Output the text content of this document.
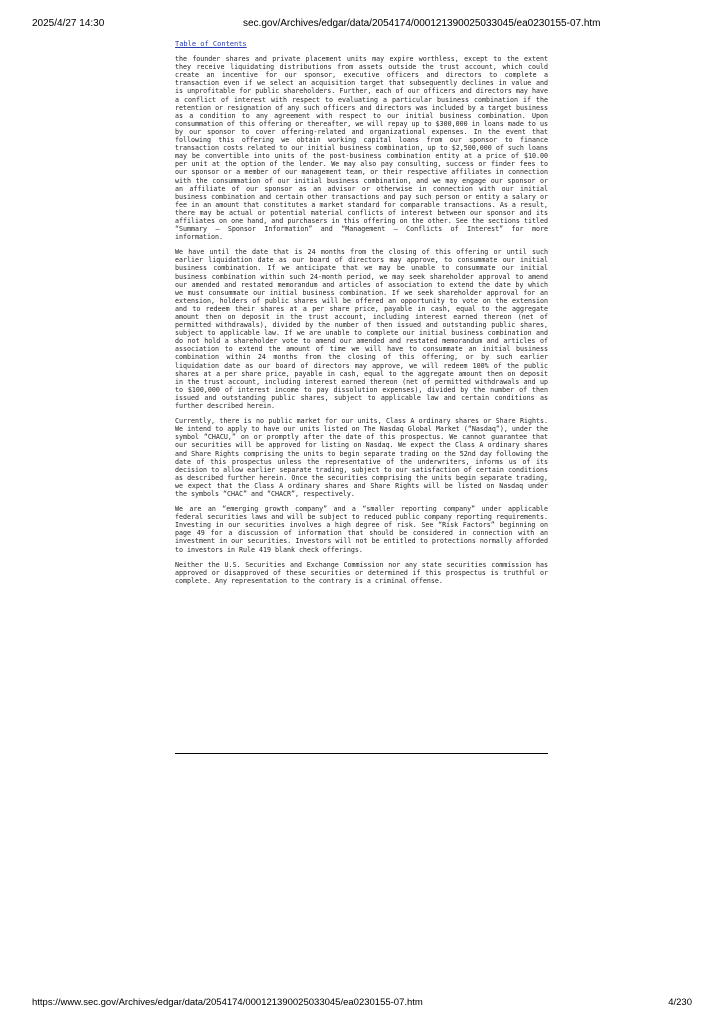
2025/4/27 14:30	sec.gov/Archives/edgar/data/2054174/000121390025033045/ea0230155-07.htm
Table of Contents

the founder shares and private placement units may expire worthless, except to the extent they receive liquidating distributions from assets outside the trust account, which could create an incentive for our sponsor, executive officers and directors to complete a transaction even if we select an acquisition target that subsequently declines in value and is unprofitable for public shareholders. Further, each of our officers and directors may have a conflict of interest with respect to evaluating a particular business combination if the retention or resignation of any such officers and directors was included by a target business as a condition to any agreement with respect to our initial business combination. Upon consummation of this offering or thereafter, we will repay up to $300,000 in loans made to us by our sponsor to cover offering-related and organizational expenses. In the event that following this offering we obtain working capital loans from our sponsor to finance transaction costs related to our initial business combination, up to $2,500,000 of such loans may be convertible into units of the post-business combination entity at a price of $10.00 per unit at the option of the lender. We may also pay consulting, success or finder fees to our sponsor or a member of our management team, or their respective affiliates in connection with the consummation of our initial business combination, and we may engage our sponsor or an affiliate of our sponsor as an advisor or otherwise in connection with our initial business combination and certain other transactions and pay such person or entity a salary or fee in an amount that constitutes a market standard for comparable transactions. As a result, there may be actual or potential material conflicts of interest between our sponsor and its affiliates on one hand, and purchasers in this offering on the other. See the sections titled “Summary — Sponsor Information” and “Management — Conflicts of Interest” for more information.

We have until the date that is 24 months from the closing of this offering or until such earlier liquidation date as our board of directors may approve, to consummate our initial business combination. If we anticipate that we may be unable to consummate our initial business combination within such 24-month period, we may seek shareholder approval to amend our amended and restated memorandum and articles of association to extend the date by which we must consummate our initial business combination. If we seek shareholder approval for an extension, holders of public shares will be offered an opportunity to vote on the extension and to redeem their shares at a per share price, payable in cash, equal to the aggregate amount then on deposit in the trust account, including interest earned thereon (net of permitted withdrawals), divided by the number of then issued and outstanding public shares, subject to applicable law. If we are unable to complete our initial business combination and do not hold a shareholder vote to amend our amended and restated memorandum and articles of association to extend the amount of time we will have to consummate an initial business combination within 24 months from the closing of this offering, or by such earlier liquidation date as our board of directors may approve, we will redeem 100% of the public shares at a per share price, payable in cash, equal to the aggregate amount then on deposit in the trust account, including interest earned thereon (net of permitted withdrawals and up to $100,000 of interest income to pay dissolution expenses), divided by the number of then issued and outstanding public shares, subject to applicable law and certain conditions as further described herein.

Currently, there is no public market for our units, Class A ordinary shares or Share Rights. We intend to apply to have our units listed on The Nasdaq Global Market (“Nasdaq”), under the symbol “CHACU,” on or promptly after the date of this prospectus. We cannot guarantee that our securities will be approved for listing on Nasdaq. We expect the Class A ordinary shares and Share Rights comprising the units to begin separate trading on the 52nd day following the date of this prospectus unless the representative of the underwriters, informs us of its decision to allow earlier separate trading, subject to our satisfaction of certain conditions as described further herein. Once the securities comprising the units begin separate trading, we expect that the Class A ordinary shares and Share Rights will be listed on Nasdaq under the symbols “CHAC” and “CHACR”, respectively.

We are an “emerging growth company” and a “smaller reporting company” under applicable federal securities laws and will be subject to reduced public company reporting requirements. Investing in our securities involves a high degree of risk. See “Risk Factors” beginning on page 49 for a discussion of information that should be considered in connection with an investment in our securities. Investors will not be entitled to protections normally afforded to investors in Rule 419 blank check offerings.

Neither the U.S. Securities and Exchange Commission nor any state securities commission has approved or disapproved of these securities or determined if this prospectus is truthful or complete. Any representation to the contrary is a criminal offense.

https://www.sec.gov/Archives/edgar/data/2054174/000121390025033045/ea0230155-07.htm	4/230
